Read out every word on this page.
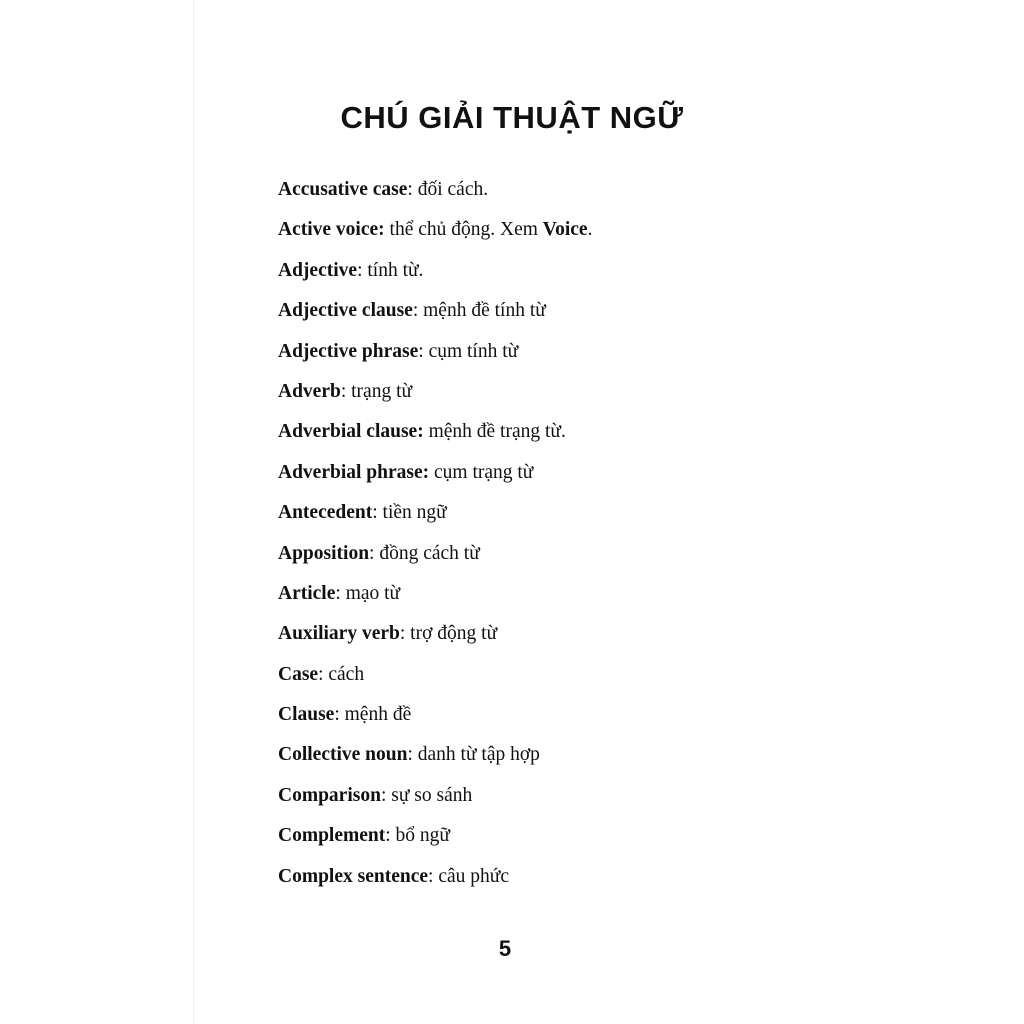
CHÚ GIẢI THUẬT NGỮ
Accusative case: đối cách.
Active voice: thể chủ động. Xem Voice.
Adjective: tính từ.
Adjective clause: mệnh đề tính từ
Adjective phrase: cụm tính từ
Adverb: trạng từ
Adverbial clause: mệnh đề trạng từ.
Adverbial phrase: cụm trạng từ
Antecedent: tiền ngữ
Apposition: đồng cách từ
Article: mạo từ
Auxiliary verb: trợ động từ
Case: cách
Clause: mệnh đề
Collective noun: danh từ tập hợp
Comparison: sự so sánh
Complement: bổ ngữ
Complex sentence: câu phức
5
